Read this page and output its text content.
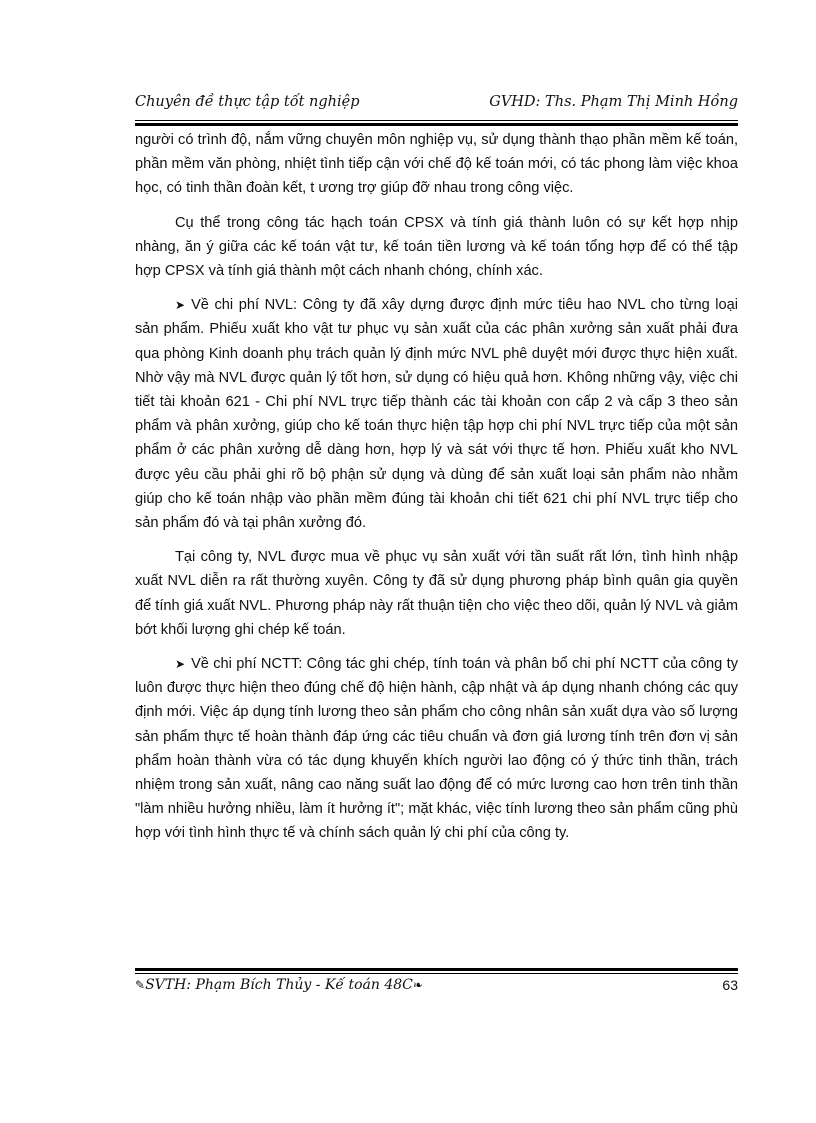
Chuyên đề thực tập tốt nghiệp	GVHD: Ths. Phạm Thị Minh Hồng

người có trình độ, nắm vững chuyên môn nghiệp vụ, sử dụng thành thạo phần mềm kế toán, phần mềm văn phòng, nhiệt tình tiếp cận với chế độ kế toán mới, có tác phong làm việc khoa học, có tinh thần đoàn kết, t ương trợ giúp đỡ nhau trong công việc.

Cụ thể trong công tác hạch toán CPSX và tính giá thành luôn có sự kết hợp nhịp nhàng, ăn ý giữa các kế toán vật tư, kế toán tiền lương và kế toán tổng hợp để có thể tập hợp CPSX và tính giá thành một cách nhanh chóng, chính xác.

➤ Về chi phí NVL: Công ty đã xây dựng được định mức tiêu hao NVL cho từng loại sản phẩm. Phiếu xuất kho vật tư phục vụ sản xuất của các phân xưởng sản xuất phải đưa qua phòng Kinh doanh phụ trách quản lý định mức NVL phê duyệt mới được thực hiện xuất. Nhờ vậy mà NVL được quản lý tốt hơn, sử dụng có hiệu quả hơn. Không những vậy, việc chi tiết tài khoản 621 - Chi phí NVL trực tiếp thành các tài khoản con cấp 2 và cấp 3 theo sản phẩm và phân xưởng, giúp cho kế toán thực hiện tập hợp chi phí NVL trực tiếp của một sản phẩm ở các phân xưởng dễ dàng hơn, hợp lý và sát với thực tế hơn. Phiếu xuất kho NVL được yêu cầu phải ghi rõ bộ phận sử dụng và dùng để sản xuất loại sản phẩm nào nhằm giúp cho kế toán nhập vào phần mềm đúng tài khoản chi tiết 621 chi phí NVL trực tiếp cho sản phẩm đó và tại phân xưởng đó.

Tại công ty, NVL được mua về phục vụ sản xuất với tần suất rất lớn, tình hình nhập xuất NVL diễn ra rất thường xuyên. Công ty đã sử dụng phương pháp bình quân gia quyền để tính giá xuất NVL. Phương pháp này rất thuận tiện cho việc theo dõi, quản lý NVL và giảm bớt khối lượng ghi chép kế toán.

➤ Về chi phí NCTT: Công tác ghi chép, tính toán và phân bổ chi phí NCTT của công ty luôn được thực hiện theo đúng chế độ hiện hành, cập nhật và áp dụng nhanh chóng các quy định mới. Việc áp dụng tính lương theo sản phẩm cho công nhân sản xuất dựa vào số lượng sản phẩm thực tế hoàn thành đáp ứng các tiêu chuẩn và đơn giá lương tính trên đơn vị sản phẩm hoàn thành vừa có tác dụng khuyến khích người lao động có ý thức tinh thần, trách nhiệm trong sản xuất, nâng cao năng suất lao động để có mức lương cao hơn trên tinh thần "làm nhiều hưởng nhiều, làm ít hưởng ít"; mặt khác, việc tính lương theo sản phẩm cũng phù hợp với tình hình thực tế và chính sách quản lý chi phí của công ty.

✎SVTH: Phạm Bích Thủy - Kế toán 48C❧	63
